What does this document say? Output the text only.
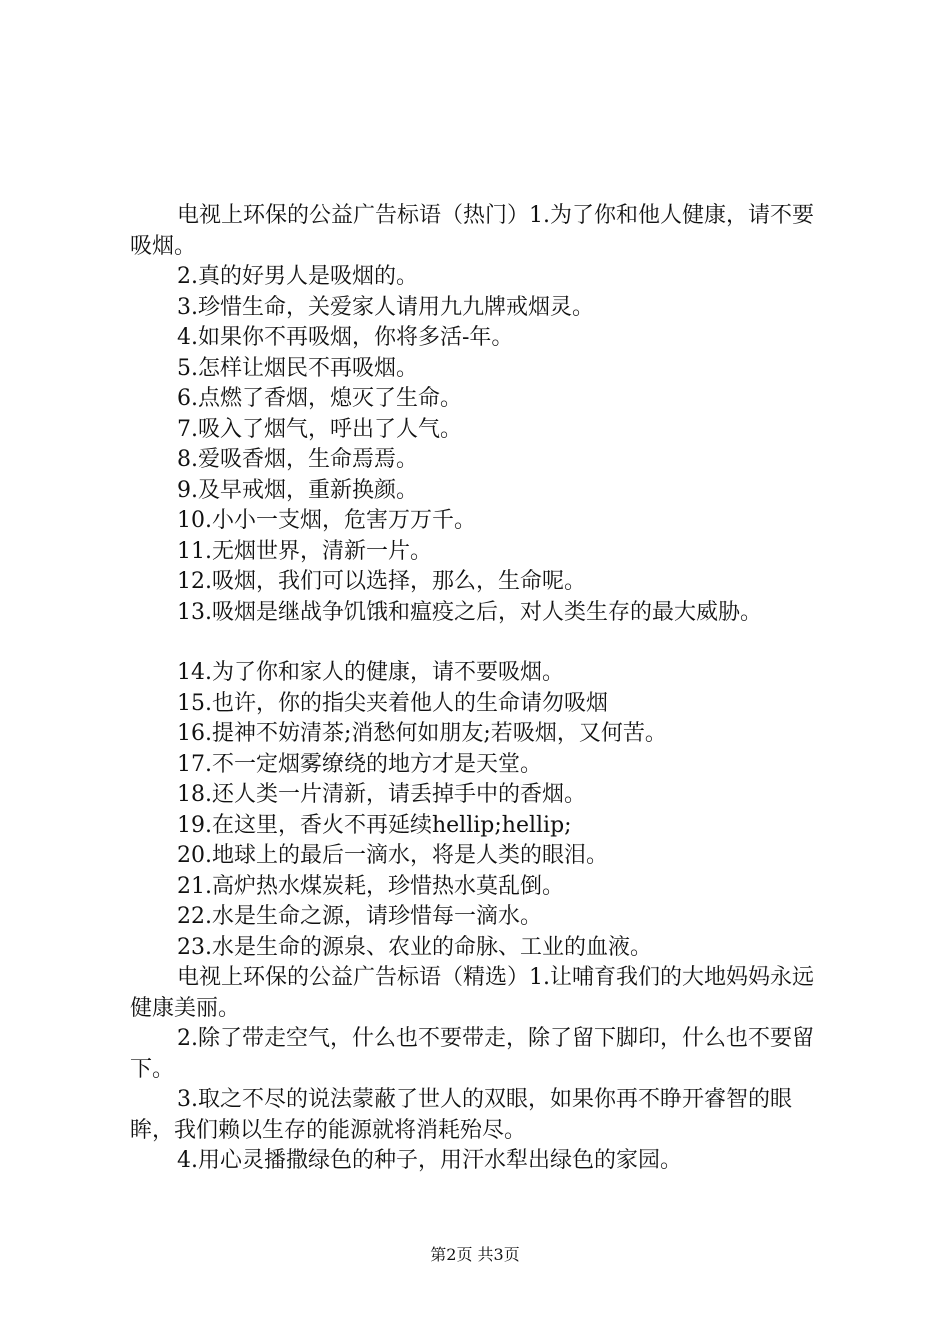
电视上环保的公益广告标语（热门）1.为了你和他人健康，请不要吸烟。

2.真的好男人是吸烟的。

3.珍惜生命，关爱家人请用九九牌戒烟灵。

4.如果你不再吸烟，你将多活-年。

5.怎样让烟民不再吸烟。

6.点燃了香烟，熄灭了生命。

7.吸入了烟气，呼出了人气。

8.爱吸香烟，生命焉焉。

9.及早戒烟，重新换颜。

10.小小一支烟，危害万万千。

11.无烟世界，清新一片。

12.吸烟，我们可以选择，那么，生命呢。

13.吸烟是继战争饥饿和瘟疫之后，对人类生存的最大威胁。

14.为了你和家人的健康，请不要吸烟。

15.也许，你的指尖夹着他人的生命请勿吸烟

16.提神不妨清茶;消愁何如朋友;若吸烟，又何苦。

17.不一定烟雾缭绕的地方才是天堂。

18.还人类一片清新，请丢掉手中的香烟。

19.在这里，香火不再延续hellip;hellip;

20.地球上的最后一滴水，将是人类的眼泪。

21.高炉热水煤炭耗，珍惜热水莫乱倒。

22.水是生命之源，请珍惜每一滴水。

23.水是生命的源泉、农业的命脉、工业的血液。

电视上环保的公益广告标语（精选）1.让哺育我们的大地妈妈永远健康美丽。

2.除了带走空气，什么也不要带走，除了留下脚印，什么也不要留下。

3.取之不尽的说法蒙蔽了世人的双眼，如果你再不睁开睿智的眼眸，我们赖以生存的能源就将消耗殆尽。

4.用心灵播撒绿色的种子，用汗水犁出绿色的家园。

第2页 共3页
